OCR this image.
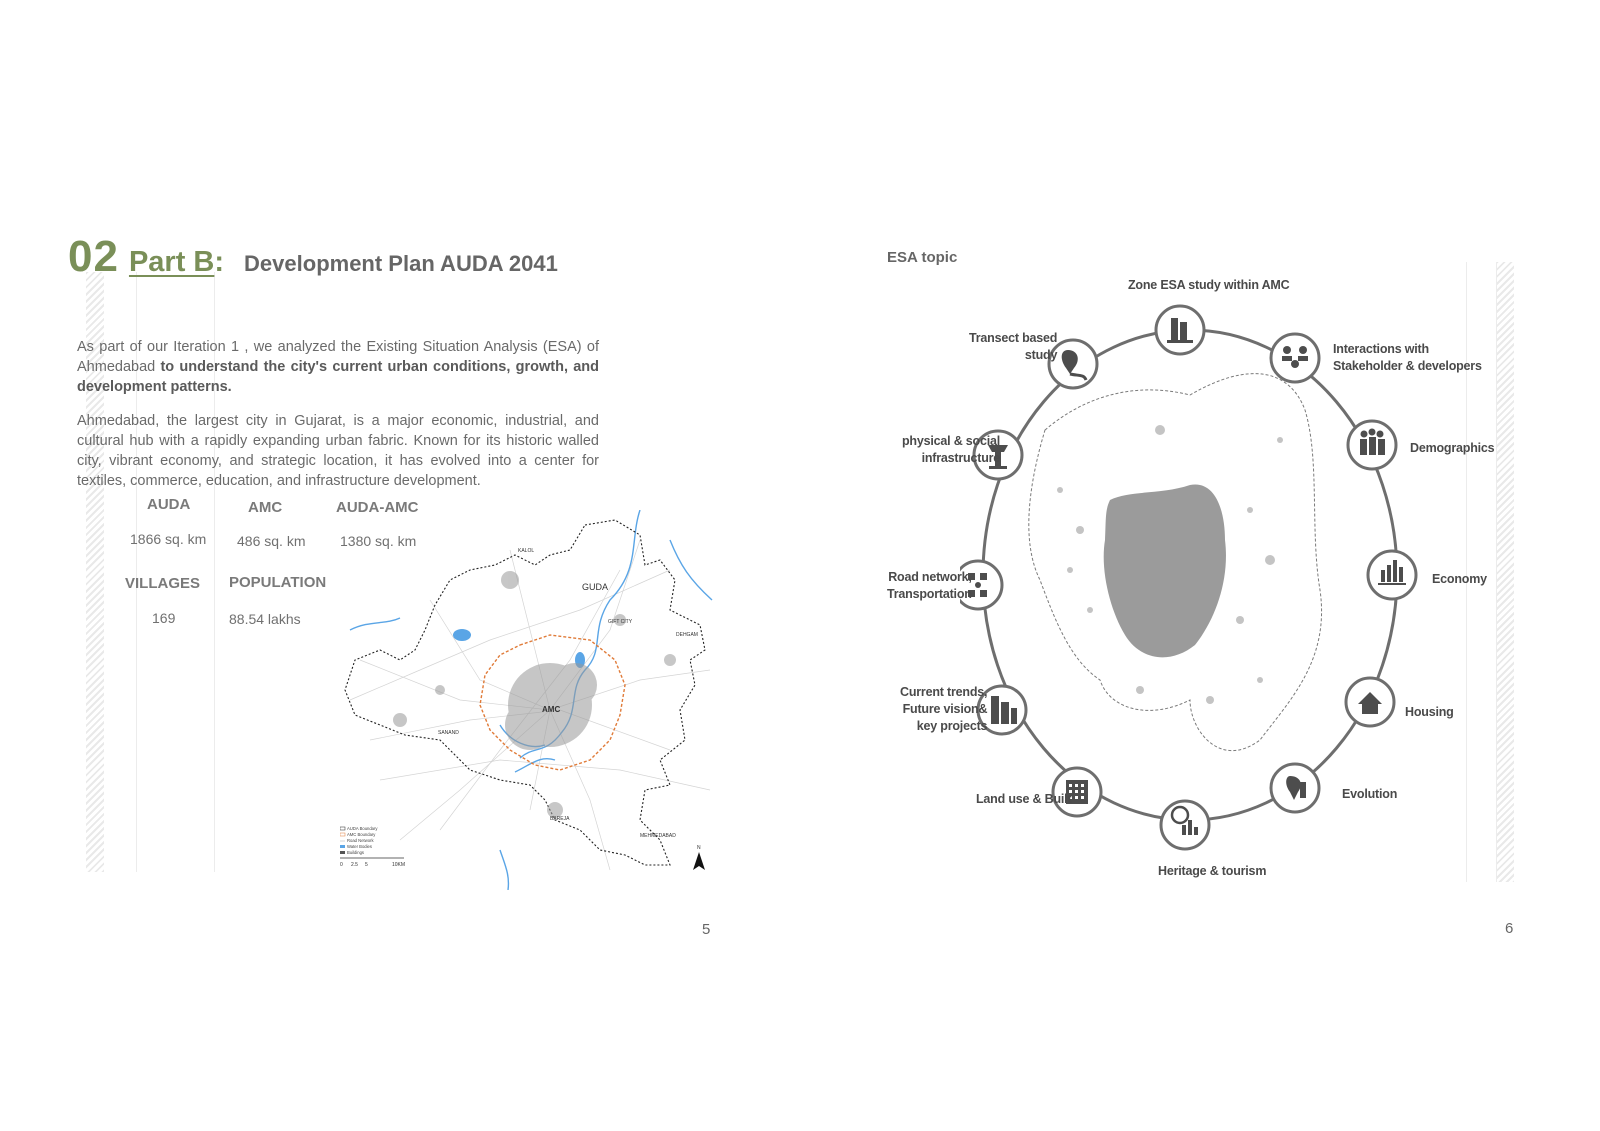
02 Part B: Development Plan AUDA 2041

As part of our Iteration 1 , we analyzed the Existing Situation Analysis (ESA) of Ahmedabad to understand the city's current urban conditions, growth, and development patterns.

Ahmedabad, the largest city in Gujarat, is a major economic, industrial, and cultural hub with a rapidly expanding urban fabric. Known for its historic walled city, vibrant economy, and strategic location, it has evolved into a center for textiles, commerce, education, and infrastructure development.

AUDA
1866 sq. km
AMC
486 sq. km
AUDA-AMC
1380 sq. km
VILLAGES
169
POPULATION
88.54 lakhs
GUDA
AMC
KALOL
GIFT CITY
DEHGAM
SANAND
BAREJA
MEHMEDABAD
AUDA Boundary
AMC Boundary
Road Network
Water Bodies
Buildings
0 2.5 5	10KM
N
5
ESA topic
Zone ESA study within AMC
Interactions with
Stakeholder & developers
Demographics
Economy
Housing
Evolution
Heritage & tourism
Land use & Built
Current trends,
Future vision&
key projects
Road network,
Transportation
physical & social
infrastructure
Transect based
study
6
